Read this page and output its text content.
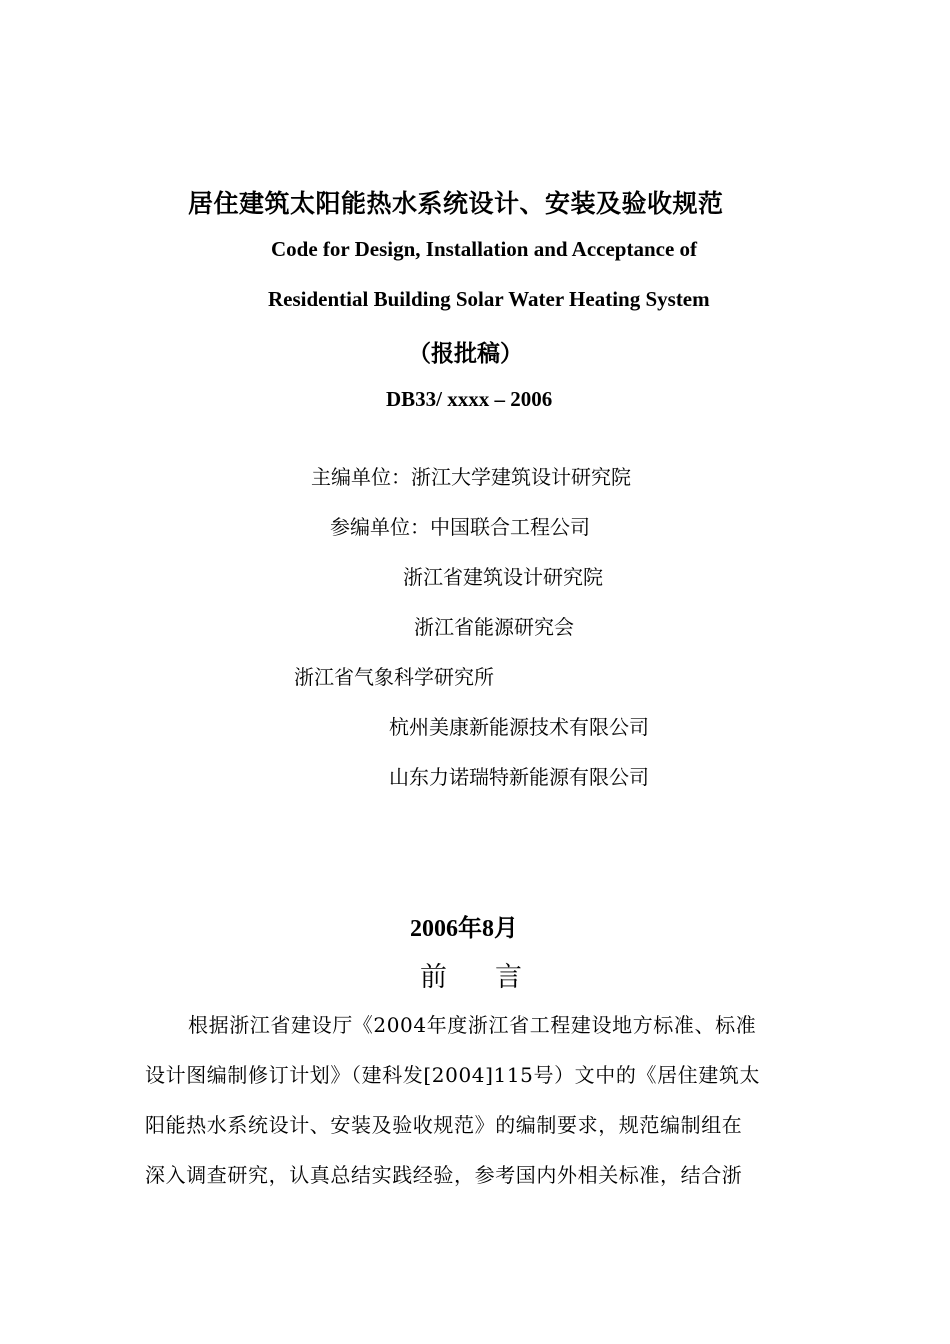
居住建筑太阳能热水系统设计、安装及验收规范
Code for Design, Installation and Acceptance of
Residential Building Solar Water Heating System
（报批稿）
DB33/ xxxx – 2006
主编单位：浙江大学建筑设计研究院
参编单位：中国联合工程公司
浙江省建筑设计研究院
浙江省能源研究会
浙江省气象科学研究所
杭州美康新能源技术有限公司
山东力诺瑞特新能源有限公司
2006年8月
前 言
根据浙江省建设厅《2004年度浙江省工程建设地方标准、标准
设计图编制修订计划》（建科发[2004]115号）文中的《居住建筑太
阳能热水系统设计、安装及验收规范》的编制要求，规范编制组在
深入调查研究，认真总结实践经验，参考国内外相关标准，结合浙
